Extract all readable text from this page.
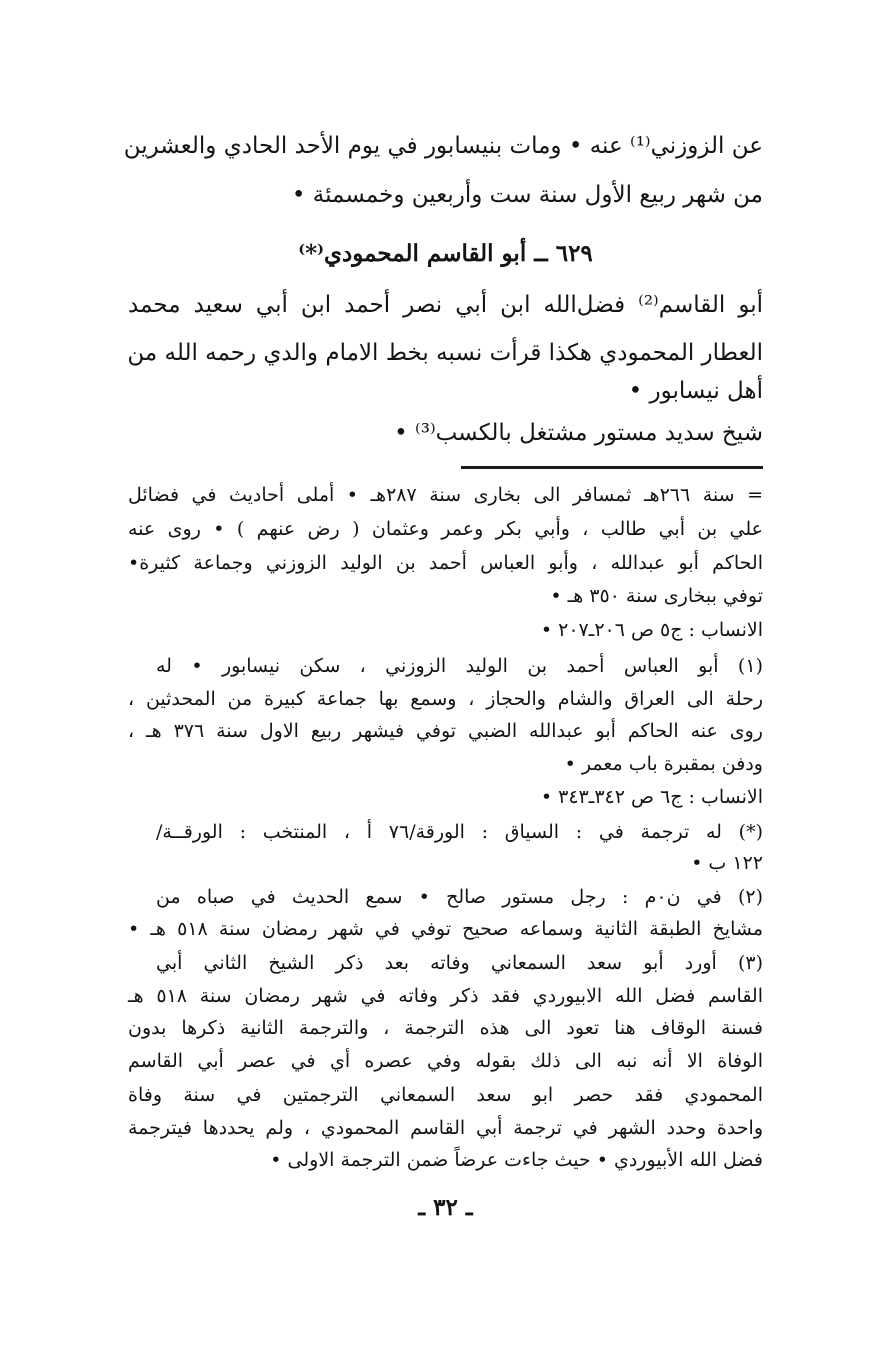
عن الزوزني⁽¹⁾ عنه • ومات بنيسابور في يوم الأحد الحادي والعشرين
من شهر ربيع الأول سنة ست وأربعين وخمسمئة •
٦٢٩ ــ أبو القاسم المحمودي⁽*⁾
أبو القاسم⁽²⁾ فضل‌الله ابن أبي نصر أحمد ابن أبي سعيد محمد
العطار المحمودي هكذا قرأت نسبه بخط الامام والدي رحمه الله من
أهل نيسابور •
شيخ سديد مستور مشتغل بالكسب⁽³⁾ •
= سنة ٢٦٦هـ ثمسافر الى بخارى سنة ٢٨٧هـ • أملى أحاديث في فضائل
علي بن أبي طالب ، وأبي بكر وعمر وعثمان ( رض عنهم ) • روى عنه
الحاكم أبو عبدالله ، وأبو العباس أحمد بن الوليد الزوزني وجماعة كثيرة•
توفي ببخارى سنة ٣٥٠ هـ •
الانساب : ج٥ ص ٢٠٦ـ٢٠٧ •
(١) أبو العباس أحمد بن الوليد الزوزني ، سكن نيسابور • له
رحلة الى العراق والشام والحجاز ، وسمع بها جماعة كبيرة من المحدثين ،
روى عنه الحاكم أبو عبدالله الضبي توفي فيشهر ربيع الاول سنة ٣٧٦ هـ ،
ودفن بمقبرة باب معمر •
الانساب : ج٦ ص ٣٤٢ـ٣٤٣ •
(*) له ترجمة في : السياق : الورقة/٧٦ أ ، المنتخب : الورقــة/
١٢٢ ب •
(٢) في ن٠م : رجل مستور صالح • سمع الحديث في صباه من
مشايخ الطبقة الثانية وسماعه صحيح توفي في شهر رمضان سنة ٥١٨ هـ •
(٣) أورد أبو سعد السمعاني وفاته بعد ذكر الشيخ الثاني أبي
القاسم فضل الله الابيوردي فقد ذكر وفاته في شهر رمضان سنة ٥١٨ هـ
فسنة الوقاف هنا تعود الى هذه الترجمة ، والترجمة الثانية ذكرها بدون
الوفاة الا أنه نبه الى ذلك بقوله وفي عصره أي في عصر أبي القاسم
المحمودي فقد حصر ابو سعد السمعاني الترجمتين في سنة وفاة
واحدة وحدد الشهر في ترجمة أبي القاسم المحمودي ، ولم يحددها فيترجمة
فضل الله الأبيوردي • حيث جاءت عرضاً ضمن الترجمة الاولى •
ـ ٣٢ ـ
